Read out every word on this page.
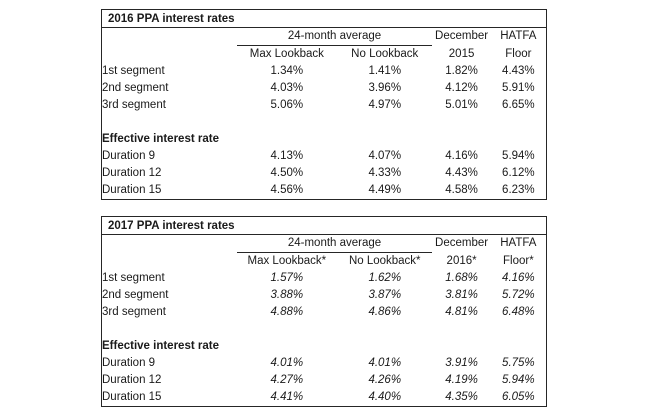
2016 PPA interest rates
	24-month average		December	HATFA
	Max Lookback	No Lookback	2015	Floor
1st segment	1.34%	1.41%	1.82%	4.43%
2nd segment	4.03%	3.96%	4.12%	5.91%
3rd segment	5.06%	4.97%	5.01%	6.65%

Effective interest rate				
Duration 9	4.13%	4.07%	4.16%	5.94%
Duration 12	4.50%	4.33%	4.43%	6.12%
Duration 15	4.56%	4.49%	4.58%	6.23%
2017 PPA interest rates
	24-month average		December	HATFA
	Max Lookback*	No Lookback*	2016*	Floor*
1st segment	1.57%	1.62%	1.68%	4.16%
2nd segment	3.88%	3.87%	3.81%	5.72%
3rd segment	4.88%	4.86%	4.81%	6.48%

Effective interest rate				
Duration 9	4.01%	4.01%	3.91%	5.75%
Duration 12	4.27%	4.26%	4.19%	5.94%
Duration 15	4.41%	4.40%	4.35%	6.05%
